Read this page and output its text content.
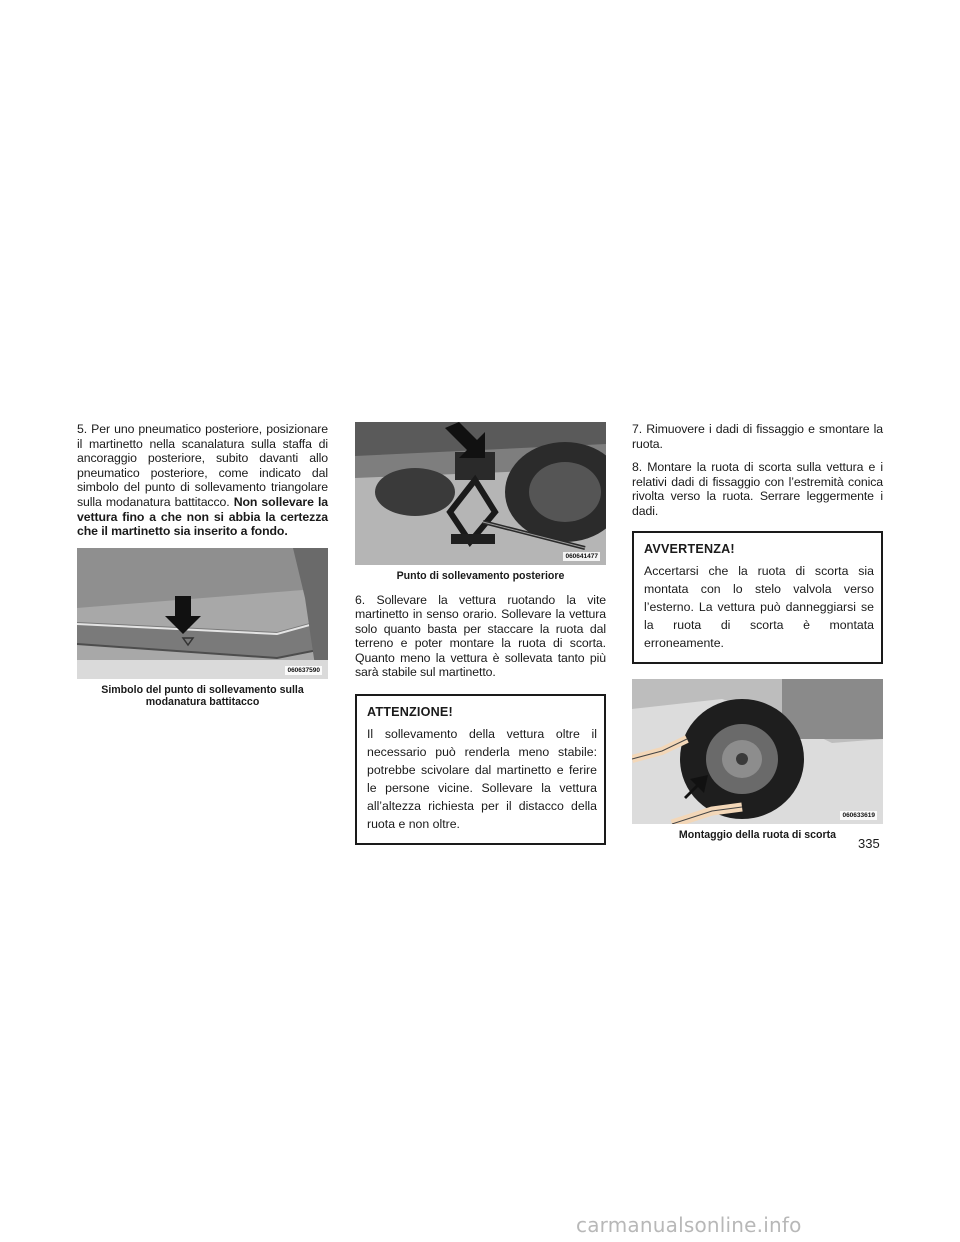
5. Per uno pneumatico posteriore, posizionare il martinetto nella scanalatura sulla staffa di ancoraggio posteriore, subito davanti allo pneumatico posteriore, come indicato dal simbolo del punto di sollevamento triangolare sulla modanatura battitacco. Non sollevare la vettura fino a che non si abbia la certezza che il martinetto sia inserito a fondo.

060637590

Simbolo del punto di sollevamento sulla modanatura battitacco

060641477

Punto di sollevamento posteriore

6. Sollevare la vettura ruotando la vite martinetto in senso orario. Sollevare la vettura solo quanto basta per staccare la ruota dal terreno e poter montare la ruota di scorta. Quanto meno la vettura è sollevata tanto più sarà stabile sul martinetto.

ATTENZIONE!

Il sollevamento della vettura oltre il necessario può renderla meno stabile: potrebbe scivolare dal martinetto e ferire le persone vicine. Sollevare la vettura all’altezza richiesta per il distacco della ruota e non oltre.

7. Rimuovere i dadi di fissaggio e smontare la ruota.

8. Montare la ruota di scorta sulla vettura e i relativi dadi di fissaggio con l’estremità conica rivolta verso la ruota. Serrare leggermente i dadi.

AVVERTENZA!

Accertarsi che la ruota di scorta sia montata con lo stelo valvola verso l’esterno. La vettura può danneggiarsi se la ruota di scorta è montata erroneamente.

060633619

Montaggio della ruota di scorta

335
carmanualsonline.info
